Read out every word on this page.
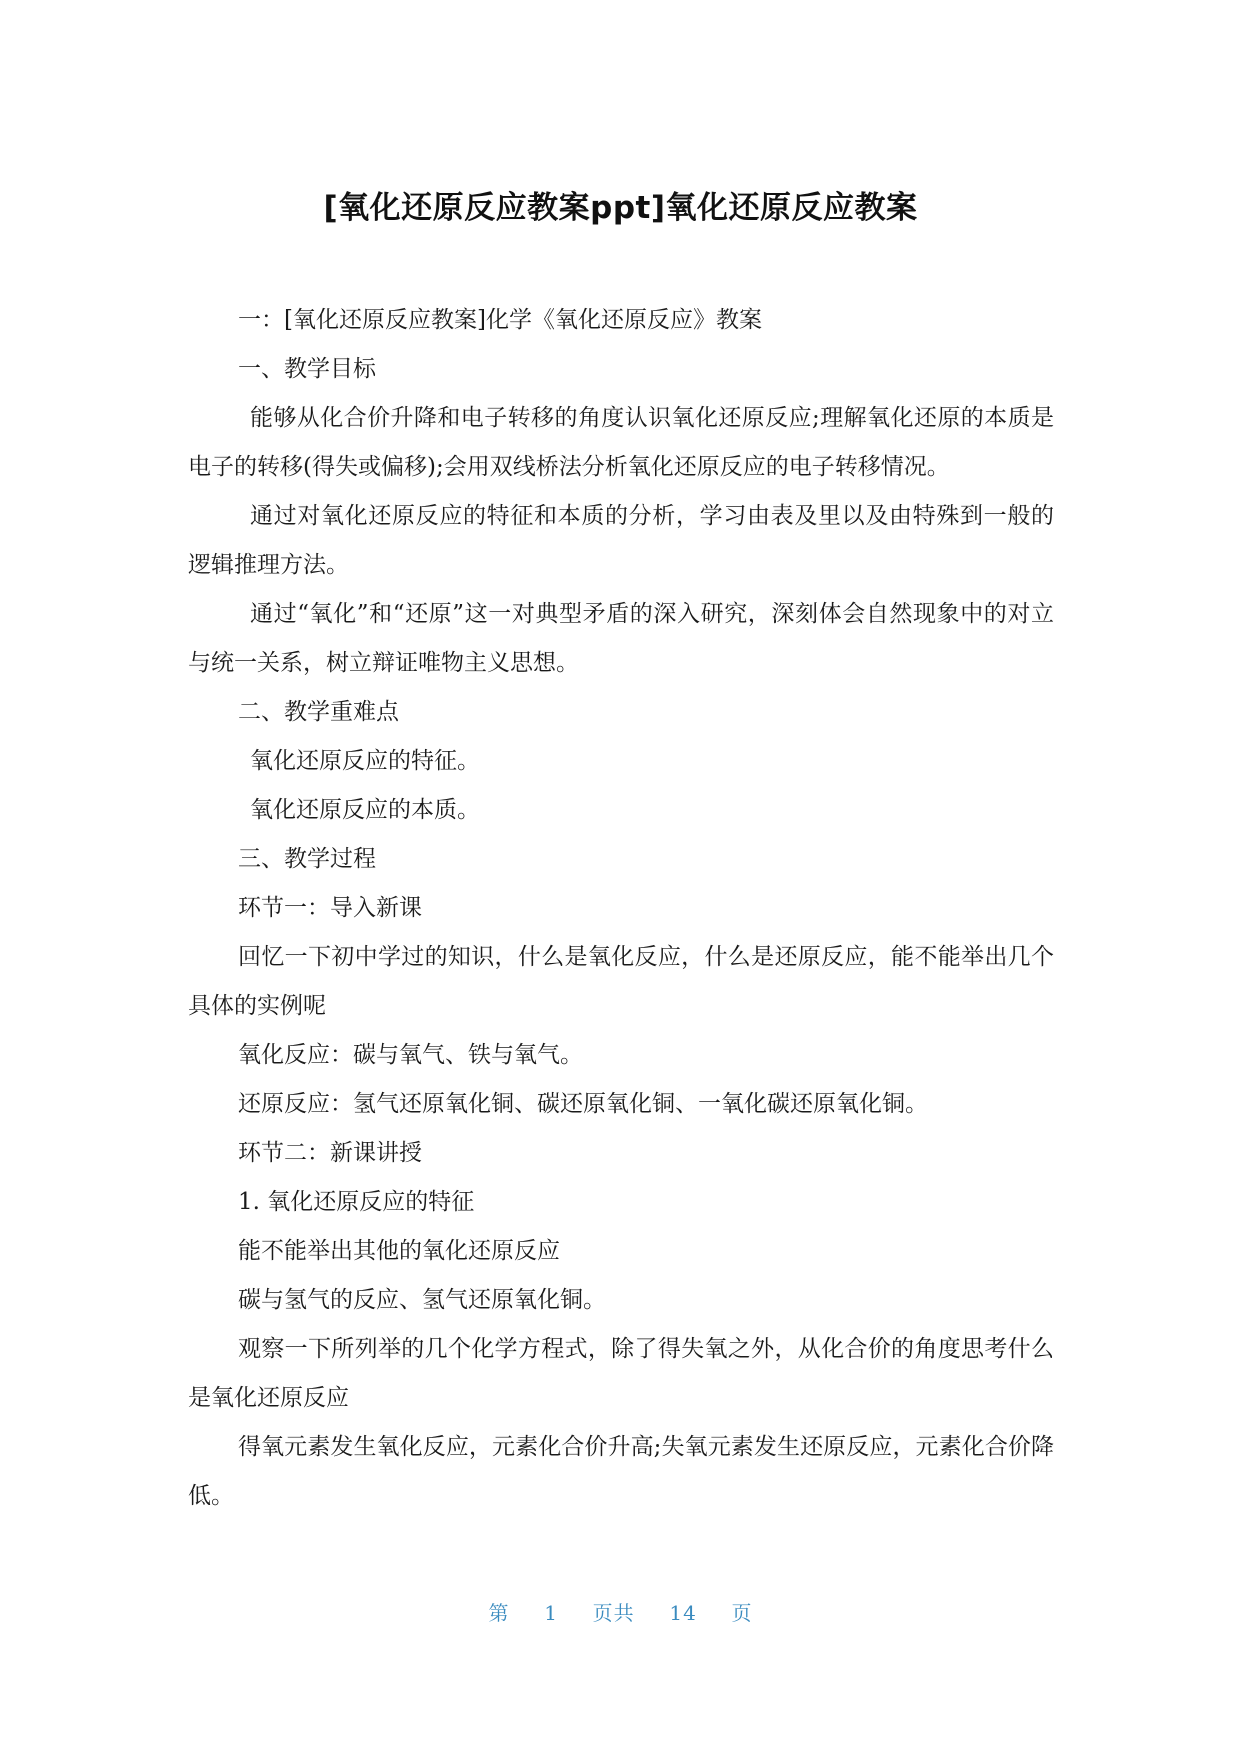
[氧化还原反应教案ppt]氧化还原反应教案

一：[氧化还原反应教案]化学《氧化还原反应》教案

一、教学目标

能够从化合价升降和电子转移的角度认识氧化还原反应;理解氧化还原的本质是电子的转移(得失或偏移);会用双线桥法分析氧化还原反应的电子转移情况。

通过对氧化还原反应的特征和本质的分析，学习由表及里以及由特殊到一般的逻辑推理方法。

通过“氧化”和“还原”这一对典型矛盾的深入研究，深刻体会自然现象中的对立与统一关系，树立辩证唯物主义思想。

二、教学重难点

氧化还原反应的特征。

氧化还原反应的本质。

三、教学过程

环节一：导入新课

回忆一下初中学过的知识，什么是氧化反应，什么是还原反应，能不能举出几个具体的实例呢

氧化反应：碳与氧气、铁与氧气。

还原反应：氢气还原氧化铜、碳还原氧化铜、一氧化碳还原氧化铜。

环节二：新课讲授

1. 氧化还原反应的特征

能不能举出其他的氧化还原反应

碳与氢气的反应、氢气还原氧化铜。

观察一下所列举的几个化学方程式，除了得失氧之外，从化合价的角度思考什么是氧化还原反应

得氧元素发生氧化反应，元素化合价升高;失氧元素发生还原反应，元素化合价降低。

第 1 页共 14 页
